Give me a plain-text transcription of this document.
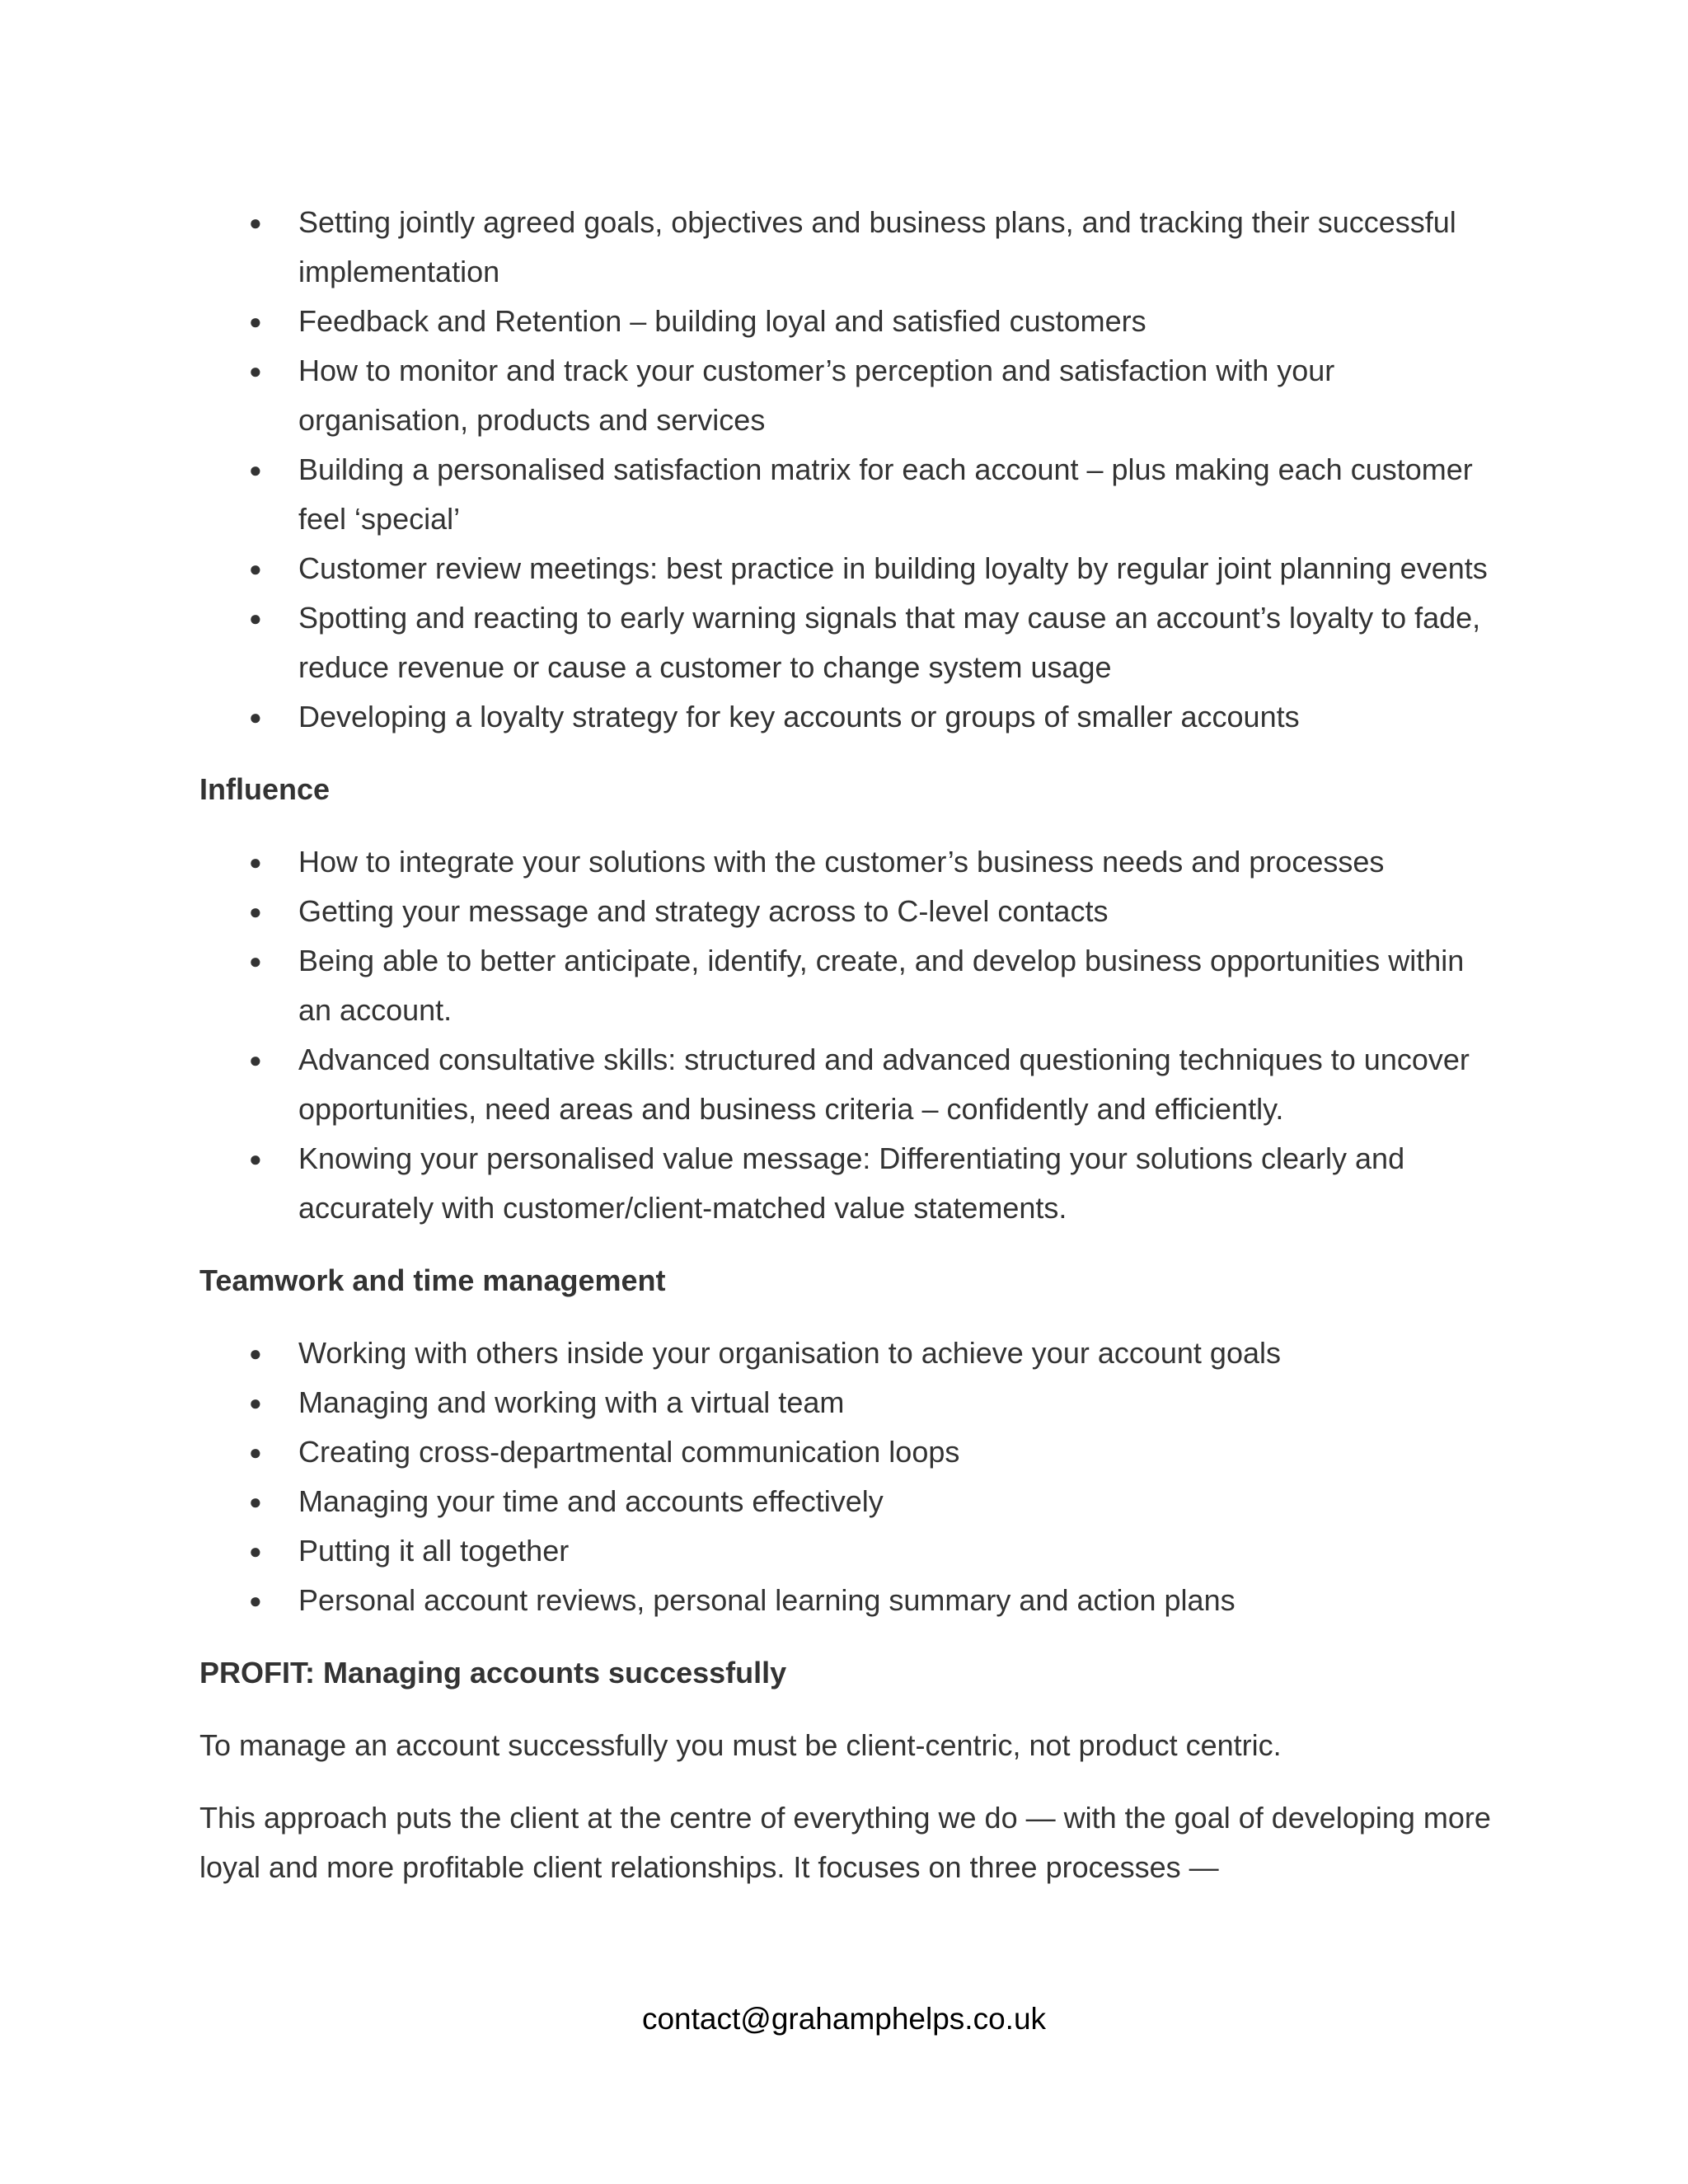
● Setting jointly agreed goals, objectives and business plans, and tracking their successful implementation
● Feedback and Retention – building loyal and satisfied customers
● How to monitor and track your customer’s perception and satisfaction with your organisation, products and services
● Building a personalised satisfaction matrix for each account – plus making each customer feel ‘special’
● Customer review meetings: best practice in building loyalty by regular joint planning events
● Spotting and reacting to early warning signals that may cause an account’s loyalty to fade, reduce revenue or cause a customer to change system usage
● Developing a loyalty strategy for key accounts or groups of smaller accounts
Influence
● How to integrate your solutions with the customer’s business needs and processes
● Getting your message and strategy across to C-level contacts
● Being able to better anticipate, identify, create, and develop business opportunities within an account.
● Advanced consultative skills: structured and advanced questioning techniques to uncover opportunities, need areas and business criteria – confidently and efficiently.
● Knowing your personalised value message: Differentiating your solutions clearly and accurately with customer/client-matched value statements.
Teamwork and time management
● Working with others inside your organisation to achieve your account goals
● Managing and working with a virtual team
● Creating cross-departmental communication loops
● Managing your time and accounts effectively
● Putting it all together
● Personal account reviews, personal learning summary and action plans
PROFIT: Managing accounts successfully

To manage an account successfully you must be client-centric, not product centric.

This approach puts the client at the centre of everything we do — with the goal of developing more loyal and more profitable client relationships. It focuses on three processes —

contact@grahamphelps.co.uk
